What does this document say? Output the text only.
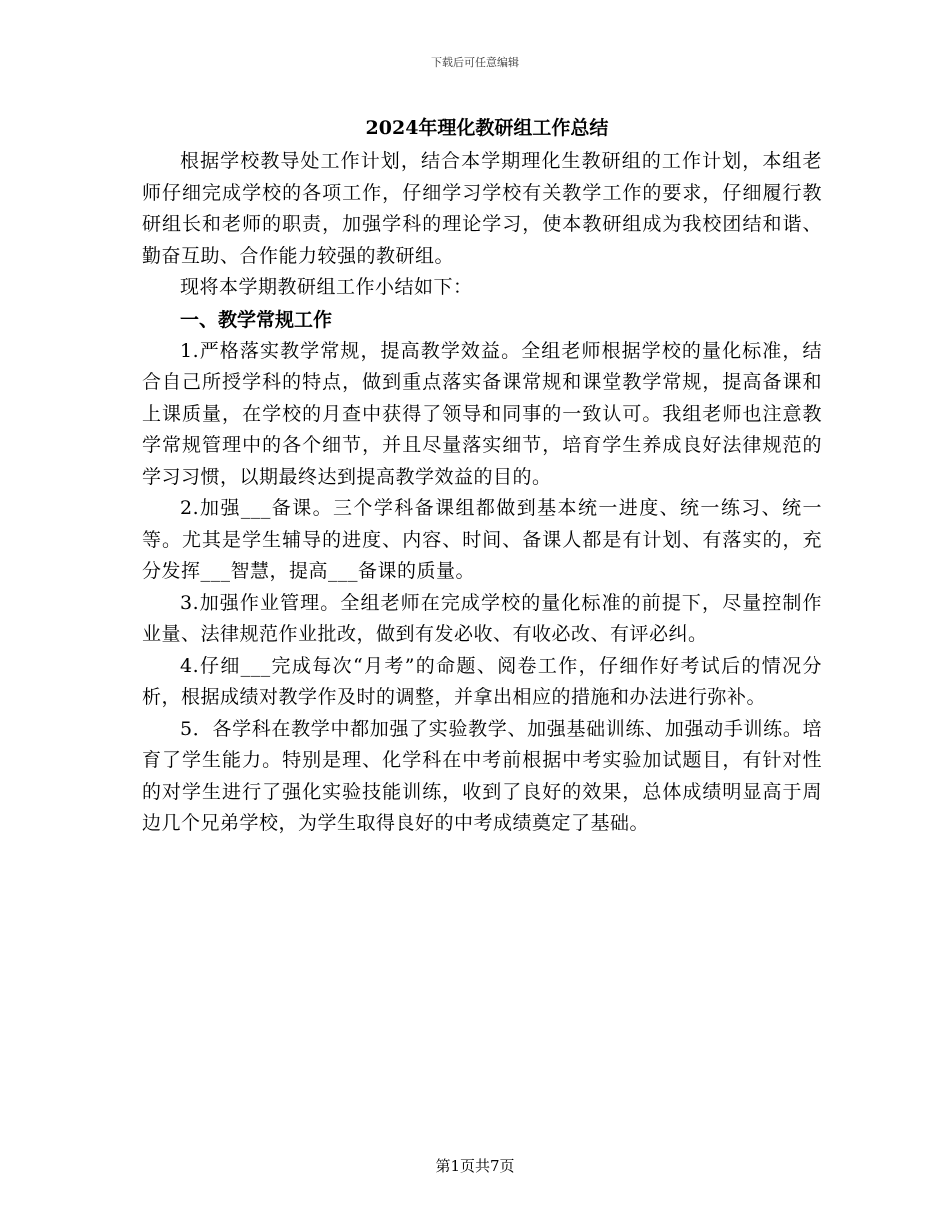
下载后可任意编辑
2024年理化教研组工作总结

根据学校教导处工作计划，结合本学期理化生教研组的工作计划，本组老师仔细完成学校的各项工作，仔细学习学校有关教学工作的要求，仔细履行教研组长和老师的职责，加强学科的理论学习，使本教研组成为我校团结和谐、勤奋互助、合作能力较强的教研组。

现将本学期教研组工作小结如下：

一、教学常规工作

1.严格落实教学常规，提高教学效益。全组老师根据学校的量化标准，结合自己所授学科的特点，做到重点落实备课常规和课堂教学常规，提高备课和上课质量，在学校的月查中获得了领导和同事的一致认可。我组老师也注意教学常规管理中的各个细节，并且尽量落实细节，培育学生养成良好法律规范的学习习惯，以期最终达到提高教学效益的目的。

2.加强___备课。三个学科备课组都做到基本统一进度、统一练习、统一等。尤其是学生辅导的进度、内容、时间、备课人都是有计划、有落实的，充分发挥___智慧，提高___备课的质量。

3.加强作业管理。全组老师在完成学校的量化标准的前提下，尽量控制作业量、法律规范作业批改，做到有发必收、有收必改、有评必纠。

4.仔细___完成每次“月考”的命题、阅卷工作，仔细作好考试后的情况分析，根据成绩对教学作及时的调整，并拿出相应的措施和办法进行弥补。

5．各学科在教学中都加强了实验教学、加强基础训练、加强动手训练。培育了学生能力。特别是理、化学科在中考前根据中考实验加试题目，有针对性的对学生进行了强化实验技能训练，收到了良好的效果，总体成绩明显高于周边几个兄弟学校，为学生取得良好的中考成绩奠定了基础。

第1页共7页
